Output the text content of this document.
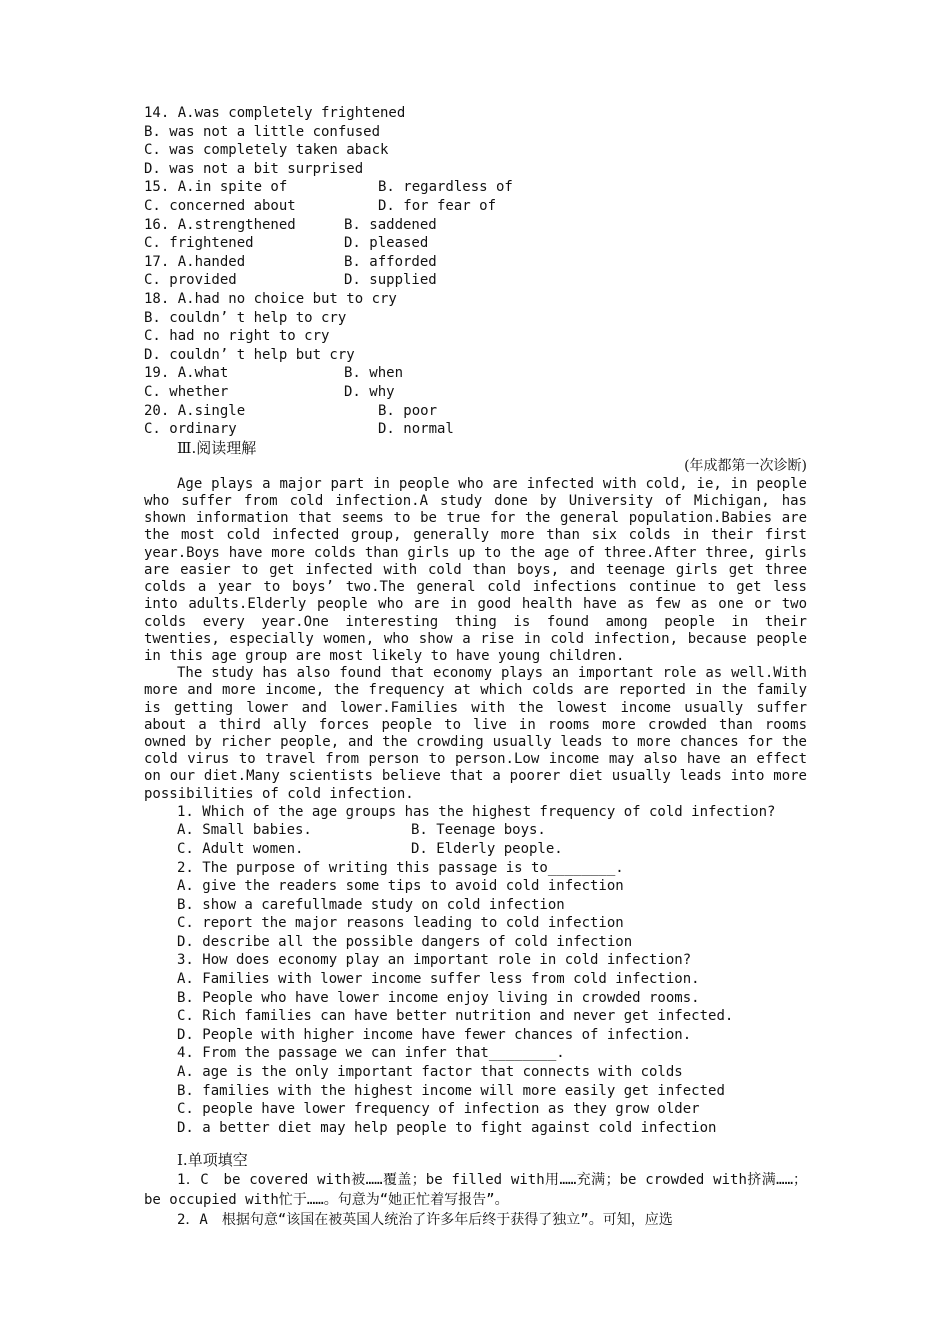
14. A.was completely frightened
B. was not a little confused
C. was completely taken aback
D. was not a bit surprised
15. A.in spite of	B. regardless of
C. concerned about	D. for fear of
16. A.strengthened	B. saddened
C. frightened	D. pleased
17. A.handed	B. afforded
C. provided	D. supplied
18. A.had no choice but to cry
B. couldn’ t help to cry
C. had no right to cry
D. couldn’ t help but cry
19. A.what	B. when
C. whether	D. why
20. A.single	B. poor
C. ordinary	D. normal
Ⅲ.阅读理解
(年成都第一次诊断)

Age plays a major part in people who are infected with cold, ie, in people who suffer from cold infection.A study done by University of Michigan, has shown information that seems to be true for the general population.Babies are the most cold infected group, generally more than six colds in their first year.Boys have more colds than girls up to the age of three.After three, girls are easier to get infected with cold than boys, and teenage girls get three colds a year to boys’ two.The general cold infections continue to get less into adults.Elderly people who are in good health have as few as one or two colds every year.One interesting thing is found among people in their twenties, especially women, who show a rise in cold infection, because people in this age group are most likely to have young children.

The study has also found that economy plays an important role as well.With more and more income, the frequency at which colds are reported in the family is getting lower and lower.Families with the lowest income usually suffer about a third ally forces people to live in rooms more crowded than rooms owned by richer people, and the crowding usually leads to more chances for the cold virus to travel from person to person.Low income may also have an effect on our diet.Many scientists believe that a poorer diet usually leads into more possibilities of cold infection.

1. Which of the age groups has the highest frequency of cold infection?
A. Small babies.	B. Teenage boys.
C. Adult women.	D. Elderly people.
2. The purpose of writing this passage is to________.
A. give the readers some tips to avoid cold infection
B. show a carefullmade study on cold infection
C. report the major reasons leading to cold infection
D. describe all the possible dangers of cold infection
3. How does economy play an important role in cold infection?
A. Families with lower income suffer less from cold infection.
B. People who have lower income enjoy living in crowded rooms.
C. Rich families can have better nutrition and never get infected.
D. People with higher income have fewer chances of infection.
4. From the passage we can infer that________.
A. age is the only important factor that connects with colds
B. families with the highest income will more easily get infected
C. people have lower frequency of infection as they grow older
D. a better diet may help people to fight against cold infection
Ⅰ.单项填空

1．C　be covered with被……覆盖；be filled with用……充满；be crowded with挤满……；be occupied with忙于……。句意为“她正忙着写报告”。

2．A　根据句意“该国在被英国人统治了许多年后终于获得了独立”。可知，应选
